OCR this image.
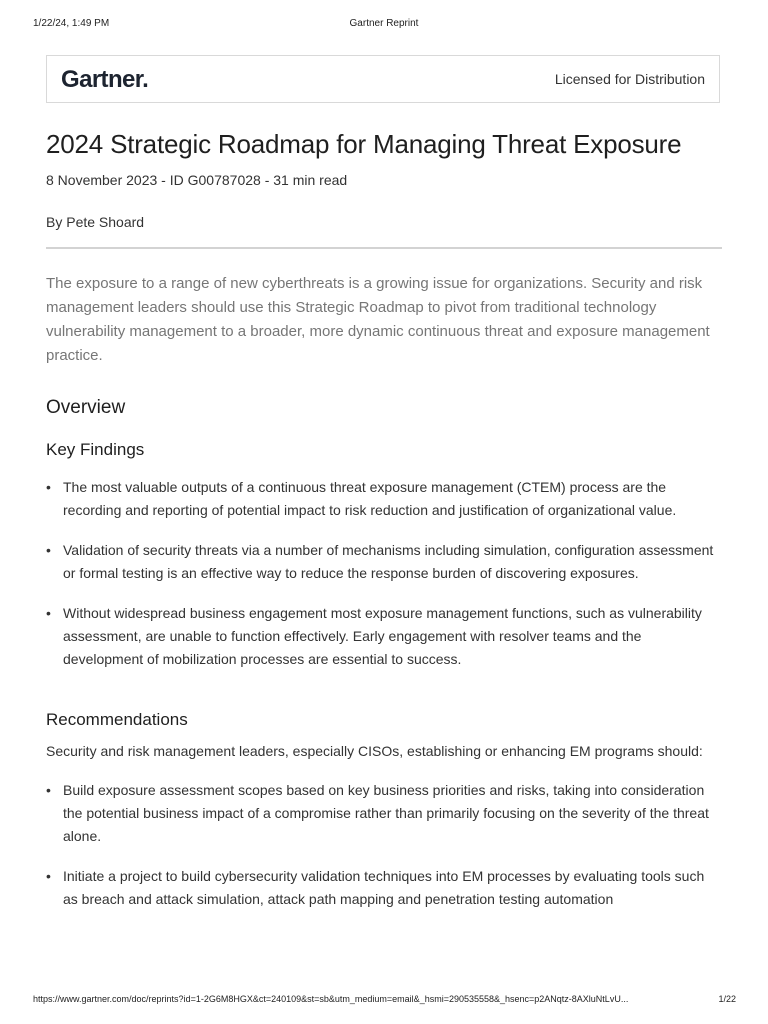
1/22/24, 1:49 PM	Gartner Reprint
Gartner.	Licensed for Distribution
2024 Strategic Roadmap for Managing Threat Exposure
8 November 2023 - ID G00787028 - 31 min read
By Pete Shoard
The exposure to a range of new cyberthreats is a growing issue for organizations. Security and risk management leaders should use this Strategic Roadmap to pivot from traditional technology vulnerability management to a broader, more dynamic continuous threat and exposure management practice.
Overview
Key Findings
• The most valuable outputs of a continuous threat exposure management (CTEM) process are the recording and reporting of potential impact to risk reduction and justification of organizational value.
• Validation of security threats via a number of mechanisms including simulation, configuration assessment or formal testing is an effective way to reduce the response burden of discovering exposures.
• Without widespread business engagement most exposure management functions, such as vulnerability assessment, are unable to function effectively. Early engagement with resolver teams and the development of mobilization processes are essential to success.
Recommendations
Security and risk management leaders, especially CISOs, establishing or enhancing EM programs should:
• Build exposure assessment scopes based on key business priorities and risks, taking into consideration the potential business impact of a compromise rather than primarily focusing on the severity of the threat alone.
• Initiate a project to build cybersecurity validation techniques into EM processes by evaluating tools such as breach and attack simulation, attack path mapping and penetration testing automation
https://www.gartner.com/doc/reprints?id=1-2G6M8HGX&ct=240109&st=sb&utm_medium=email&_hsmi=290535558&_hsenc=p2ANqtz-8AXluNtLvU...	1/22
